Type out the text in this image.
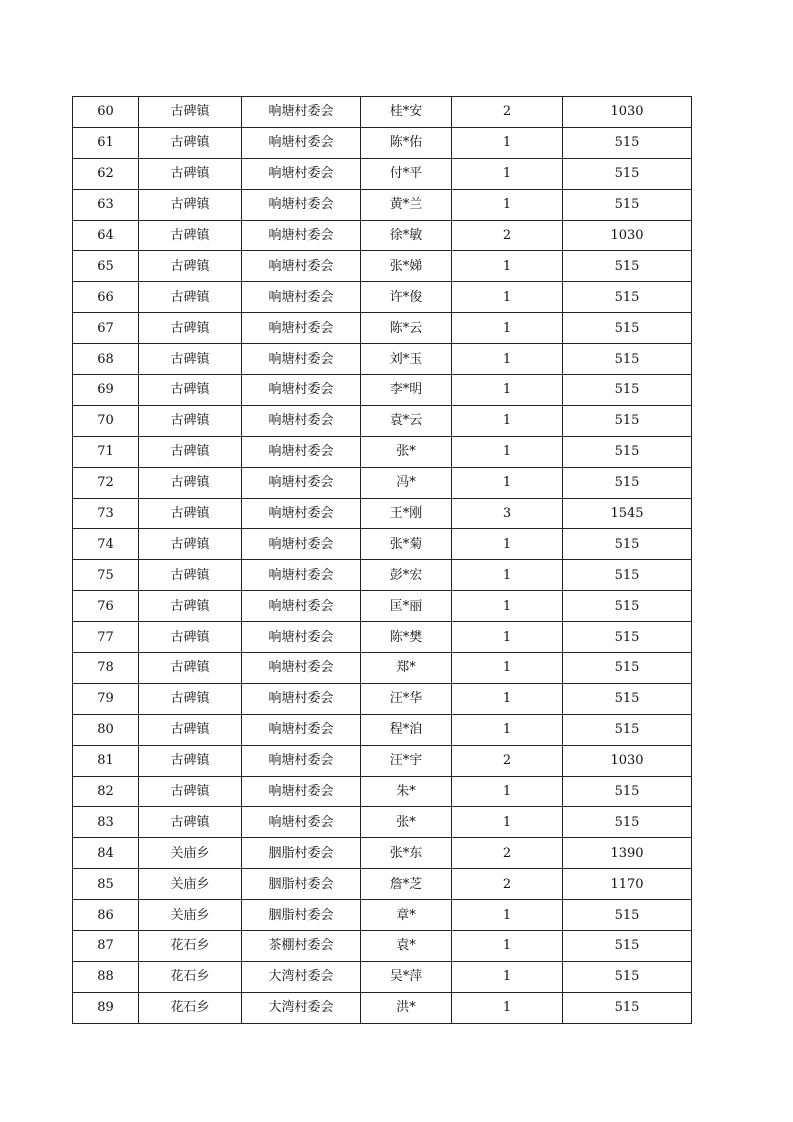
60	古碑镇	响塘村委会	桂*安	2	1030
61	古碑镇	响塘村委会	陈*佑	1	515
62	古碑镇	响塘村委会	付*平	1	515
63	古碑镇	响塘村委会	黄*兰	1	515
64	古碑镇	响塘村委会	徐*敏	2	1030
65	古碑镇	响塘村委会	张*娣	1	515
66	古碑镇	响塘村委会	许*俊	1	515
67	古碑镇	响塘村委会	陈*云	1	515
68	古碑镇	响塘村委会	刘*玉	1	515
69	古碑镇	响塘村委会	李*明	1	515
70	古碑镇	响塘村委会	袁*云	1	515
71	古碑镇	响塘村委会	张*	1	515
72	古碑镇	响塘村委会	冯*	1	515
73	古碑镇	响塘村委会	王*刚	3	1545
74	古碑镇	响塘村委会	张*菊	1	515
75	古碑镇	响塘村委会	彭*宏	1	515
76	古碑镇	响塘村委会	匡*丽	1	515
77	古碑镇	响塘村委会	陈*樊	1	515
78	古碑镇	响塘村委会	郑*	1	515
79	古碑镇	响塘村委会	汪*华	1	515
80	古碑镇	响塘村委会	程*洎	1	515
81	古碑镇	响塘村委会	汪*宇	2	1030
82	古碑镇	响塘村委会	朱*	1	515
83	古碑镇	响塘村委会	张*	1	515
84	关庙乡	胭脂村委会	张*东	2	1390
85	关庙乡	胭脂村委会	詹*芝	2	1170
86	关庙乡	胭脂村委会	章*	1	515
87	花石乡	茶棚村委会	袁*	1	515
88	花石乡	大湾村委会	吴*萍	1	515
89	花石乡	大湾村委会	洪*	1	515
